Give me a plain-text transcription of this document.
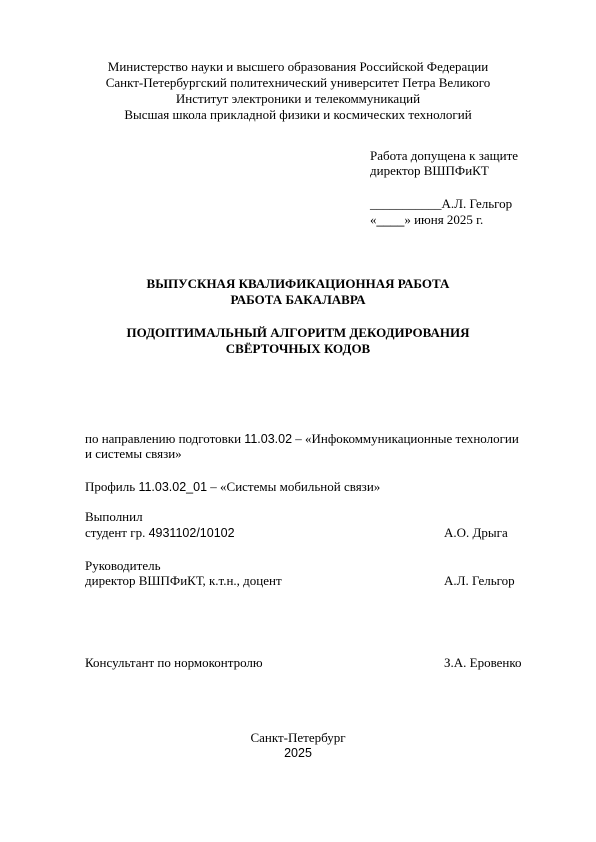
Министерство науки и высшего образования Российской Федерации
Санкт-Петербургский политехнический университет Петра Великого
Институт электроники и телекоммуникаций
Высшая школа прикладной физики и космических технологий
Работа допущена к защите
директор ВШПФиКТ
___________А.Л. Гельгор
«____» июня 2025 г.
ВЫПУСКНАЯ КВАЛИФИКАЦИОННАЯ РАБОТА
РАБОТА БАКАЛАВРА
ПОДОПТИМАЛЬНЫЙ АЛГОРИТМ ДЕКОДИРОВАНИЯ
СВЁРТОЧНЫХ КОДОВ
по направлению подготовки 11.03.02 – «Инфокоммуникационные технологии
и системы связи»
Профиль 11.03.02_01 – «Системы мобильной связи»
Выполнил
студент гр. 4931102/10102	А.О. Дрыга
Руководитель
директор ВШПФиКТ, к.т.н., доцент	А.Л. Гельгор
Консультант по нормоконтролю	З.А. Еровенко
Санкт-Петербург
2025
